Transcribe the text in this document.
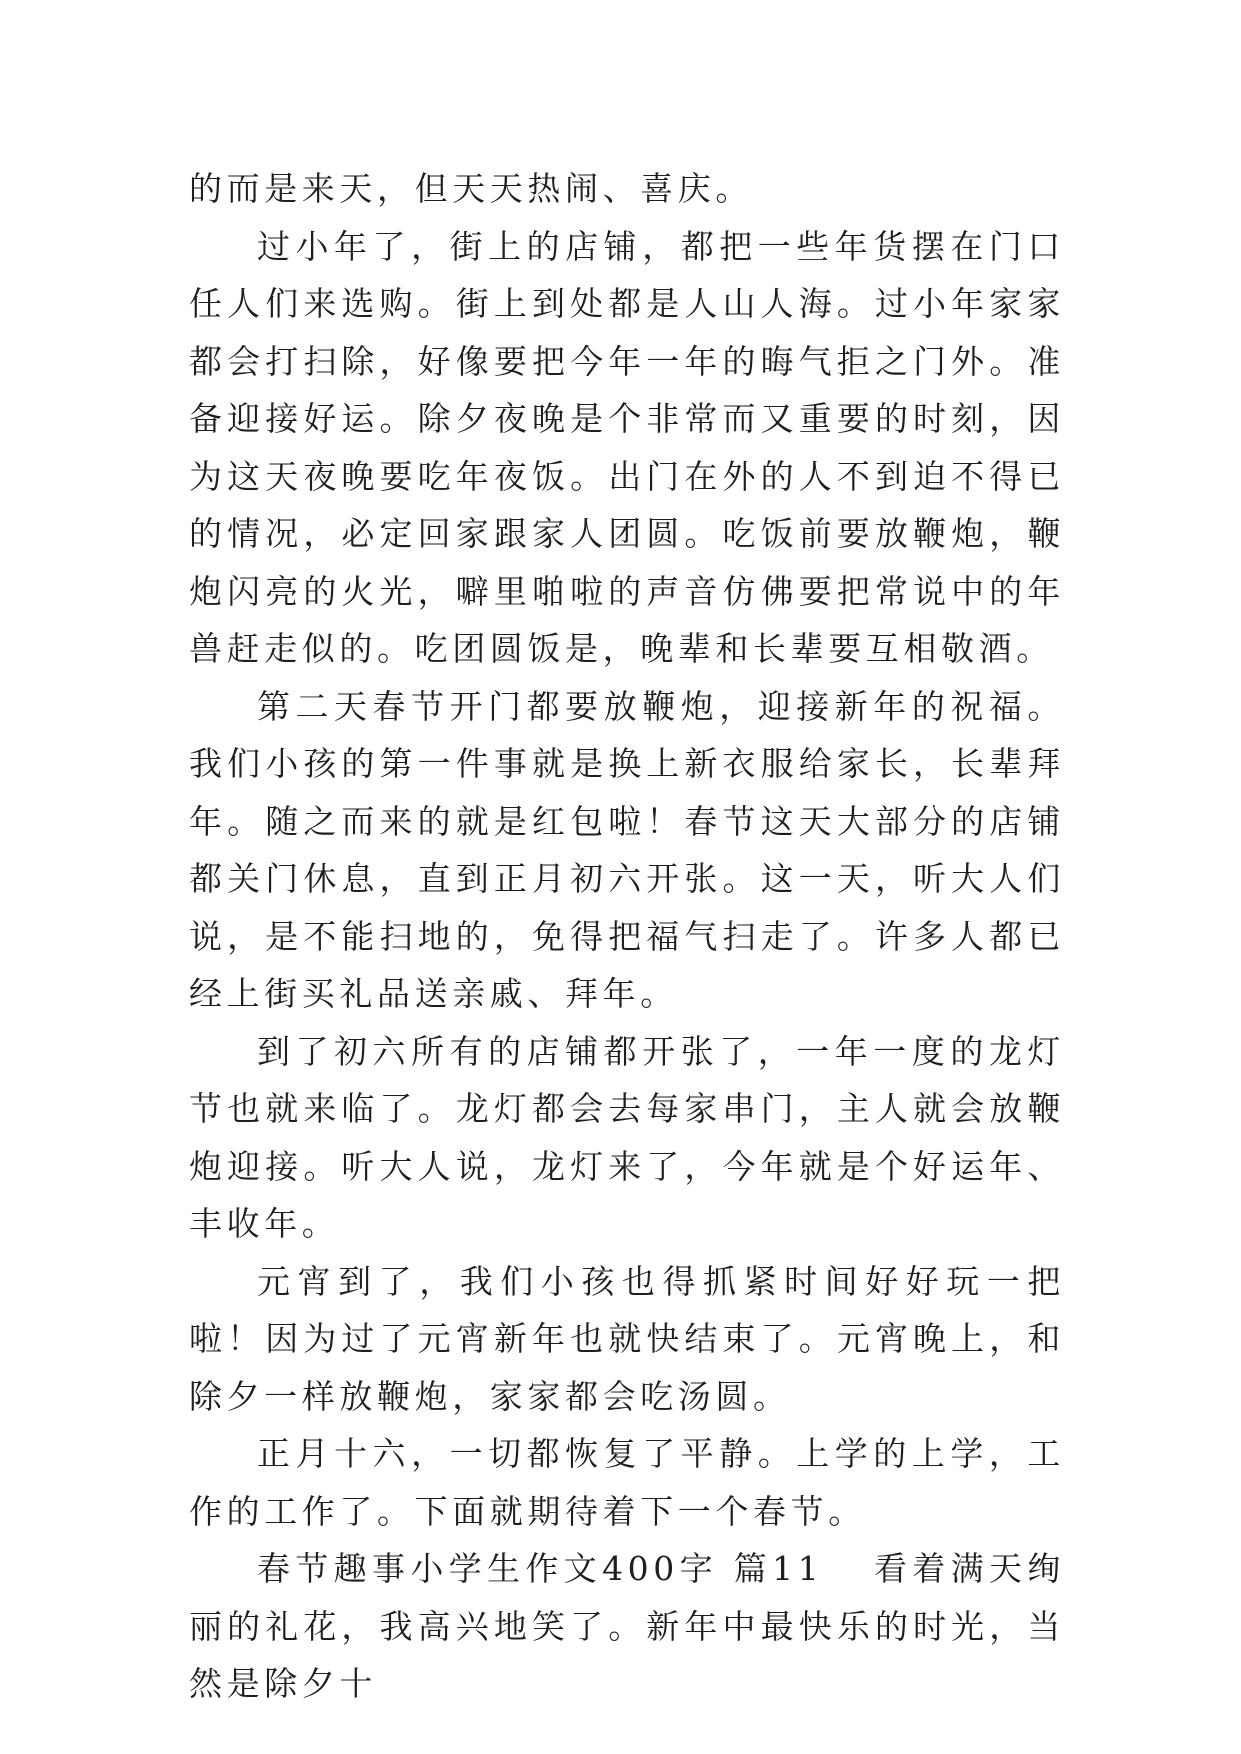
的而是来天，但天天热闹、喜庆。

过小年了，街上的店铺，都把一些年货摆在门口任人们来选购。街上到处都是人山人海。过小年家家都会打扫除，好像要把今年一年的晦气拒之门外。准备迎接好运。除夕夜晚是个非常而又重要的时刻，因为这天夜晚要吃年夜饭。出门在外的人不到迫不得已的情况，必定回家跟家人团圆。吃饭前要放鞭炮，鞭炮闪亮的火光，噼里啪啦的声音仿佛要把常说中的年兽赶走似的。吃团圆饭是，晚辈和长辈要互相敬酒。

第二天春节开门都要放鞭炮，迎接新年的祝福。我们小孩的第一件事就是换上新衣服给家长，长辈拜年。随之而来的就是红包啦！春节这天大部分的店铺都关门休息，直到正月初六开张。这一天，听大人们说，是不能扫地的，免得把福气扫走了。许多人都已经上街买礼品送亲戚、拜年。

到了初六所有的店铺都开张了，一年一度的龙灯节也就来临了。龙灯都会去每家串门，主人就会放鞭炮迎接。听大人说，龙灯来了，今年就是个好运年、丰收年。

元宵到了，我们小孩也得抓紧时间好好玩一把啦！因为过了元宵新年也就快结束了。元宵晚上，和除夕一样放鞭炮，家家都会吃汤圆。

正月十六，一切都恢复了平静。上学的上学，工作的工作了。下面就期待着下一个春节。

春节趣事小学生作文400字 篇11 看着满天绚丽的礼花，我高兴地笑了。新年中最快乐的时光，当然是除夕十
